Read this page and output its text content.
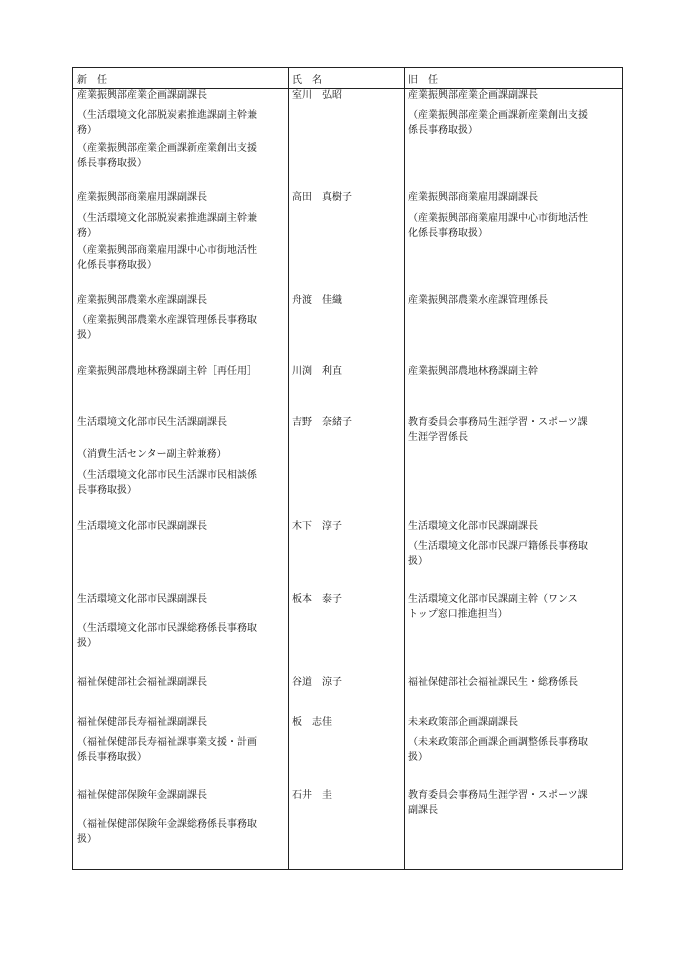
新　任	氏　名	旧　任
産業振興部産業企画課副課長
（生活環境文化部脱炭素推進課副主幹兼
務）
（産業振興部産業企画課新産業創出支援
係長事務取扱）
室川　弘昭	産業振興部産業企画課副課長
（産業振興部産業企画課新産業創出支援
係長事務取扱）
産業振興部商業雇用課副課長
（生活環境文化部脱炭素推進課副主幹兼
務）
（産業振興部商業雇用課中心市街地活性
化係長事務取扱）
高田　真樹子	産業振興部商業雇用課副課長
（産業振興部商業雇用課中心市街地活性
化係長事務取扱）
産業振興部農業水産課副課長
（産業振興部農業水産課管理係長事務取
扱）
舟渡　佳織	産業振興部農業水産課管理係長
産業振興部農地林務課副主幹［再任用］	川渕　利直	産業振興部農地林務課副主幹
生活環境文化部市民生活課副課長
（消費生活センター副主幹兼務）
（生活環境文化部市民生活課市民相談係
長事務取扱）
吉野　奈緒子	教育委員会事務局生涯学習・スポーツ課
生涯学習係長
生活環境文化部市民課副課長	木下　淳子	生活環境文化部市民課副課長
（生活環境文化部市民課戸籍係長事務取
扱）
生活環境文化部市民課副課長
（生活環境文化部市民課総務係長事務取
扱）
板本　泰子	生活環境文化部市民課副主幹（ワンス
トップ窓口推進担当）
福祉保健部社会福祉課副課長	谷道　涼子	福祉保健部社会福祉課民生・総務係長
福祉保健部長寿福祉課副課長
（福祉保健部長寿福祉課事業支援・計画
係長事務取扱）
板　志佳	未来政策部企画課副課長
（未来政策部企画課企画調整係長事務取
扱）
福祉保健部保険年金課副課長
（福祉保健部保険年金課総務係長事務取
扱）
石井　圭	教育委員会事務局生涯学習・スポーツ課
副課長
